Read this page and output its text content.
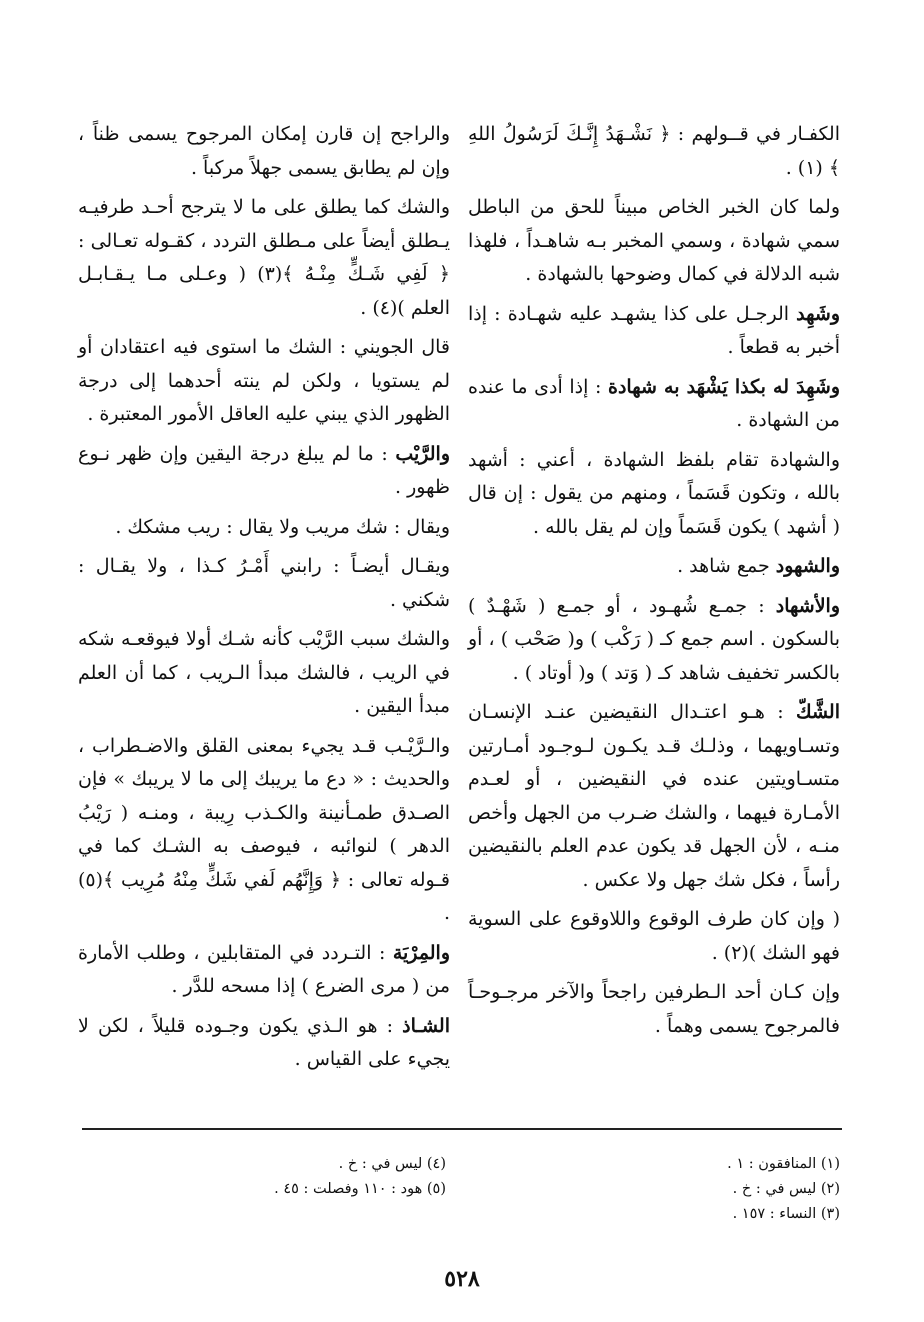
الكفـار في قــولهم : ﴿ نَشْـهَدُ إِنَّـكَ لَرَسُولُ اللهِ ﴾ (١) .

ولما كان الخبر الخاص مبيناً للحق من الباطل سمي شهادة ، وسمي المخبر بـه شاهـداً ، فلهذا شبه الدلالة في كمال وضوحها بالشهادة .

وشَهِد الرجـل على كذا يشهـد عليه شهـادة : إذا أخبر به قطعاً .

وشَهِدَ له بكذا يَشْهَد به شهادة : إذا أدى ما عنده من الشهادة .

والشهادة تقام بلفظ الشهادة ، أعني : أشهد بالله ، وتكون قَسَماً ، ومنهم من يقول : إن قال ( أشهد ) يكون قَسَماً وإن لم يقل بالله .

والشهود جمع شاهد .

والأشهاد : جمـع شُهـود ، أو جمـع ( شَهْـدٌ ) بالسكون . اسم جمع كـ ( رَكْب ) و( صَحْب ) ، أو بالكسر تخفيف شاهد كـ ( وَتد ) و( أوتاد ) .

الشَّكّ : هـو اعتـدال النقيضين عنـد الإنسـان وتسـاويهما ، وذلـك قـد يكـون لـوجـود أمـارتين متسـاويتين عنده في النقيضين ، أو لعـدم الأمـارة فيهما ، والشك ضـرب من الجهل وأخص منـه ، لأن الجهل قد يكون عدم العلم بالنقيضين رأساً ، فكل شك جهل ولا عكس .

( وإن كان طرف الوقوع واللاوقوع على السوية فهو الشك )(٢) .

وإن كـان أحد الـطرفين راجحاً والآخر مرجـوحـاً فالمرجوح يسمى وهماً .

والراجح إن قارن إمكان المرجوح يسمى ظناً ، وإن لم يطابق يسمى جهلاً مركباً .

والشك كما يطلق على ما لا يترجح أحـد طرفيـه يـطلق أيضاً على مـطلق التردد ، كقـوله تعـالى : ﴿ لَفِي شَـكٍّ مِنْـهُ ﴾(٣) ( وعـلى مـا يـقـابـل العلم )(٤) .

قال الجويني : الشك ما استوى فيه اعتقادان أو لم يستويا ، ولكن لم ينته أحدهما إلى درجة الظهور الذي يبني عليه العاقل الأمور المعتبرة .

والرَّيْب : ما لم يبلغ درجة اليقين وإن ظهر نـوع ظهور .

ويقال : شك مريب ولا يقال : ريب مشكك .

ويقـال أيضـاً : رابني أَمْـرُ كـذا ، ولا يقـال : شكني .

والشك سبب الرَّيْب كأنه شـك أولا فيوقعـه شكه في الريب ، فالشك مبدأ الـريب ، كما أن العلم مبدأ اليقين .

والـرَّيْـب قـد يجيء بمعنى القلق والاضـطراب ، والحديث : « دع ما يريبك إلى ما لا يريبك » فإن الصـدق طمـأنينة والكـذب رِيبة ، ومنـه ( رَيْبُ الدهر ) لنوائبه ، فيوصف به الشـك كما في قـوله تعالى : ﴿ وَإِنَّهُم لَفي شَكٍّ مِنْهُ مُرِيب ﴾(٥) .

والمِرْيَة : التـردد في المتقابلين ، وطلب الأمارة من ( مرى الضرع ) إذا مسحه للدَّر .

الشـاذ : هو الـذي يكون وجـوده قليلاً ، لكن لا يجيء على القياس .

(١) المنافقون : ١ .

(٢) ليس في : خ .

(٣) النساء : ١٥٧ .

(٤) ليس في : خ .

(٥) هود : ١١٠ وفصلت : ٤٥ .

٥٢٨
